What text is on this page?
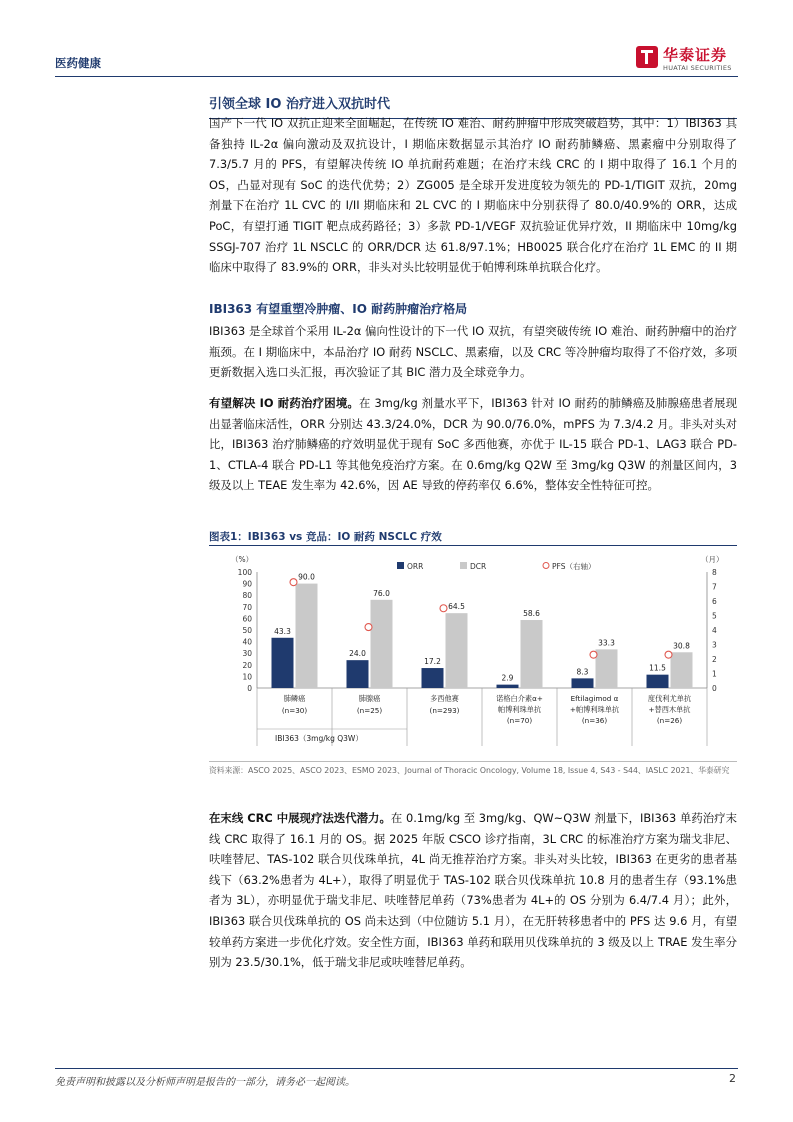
医药健康	华泰证券
HUATAI SECURITIES
引领全球 IO 治疗进入双抗时代

国产下一代 IO 双抗正迎来全面崛起，在传统 IO 难治、耐药肿瘤中形成突破趋势，其中：1）IBI363 具备独持 IL-2α 偏向激动及双抗设计，I 期临床数据显示其治疗 IO 耐药肺鳞癌、黑素瘤中分别取得了 7.3/5.7 月的 PFS，有望解决传统 IO 单抗耐药难题；在治疗末线 CRC 的 I 期中取得了 16.1 个月的 OS，凸显对现有 SoC 的迭代优势；2）ZG005 是全球开发进度较为领先的 PD-1/TIGIT 双抗，20mg 剂量下在治疗 1L CVC 的 I/II 期临床和 2L CVC 的 I 期临床中分别获得了 80.0/40.9%的 ORR，达成 PoC，有望打通 TIGIT 靶点成药路径；3）多款 PD-1/VEGF 双抗验证优异疗效，II 期临床中 10mg/kg SSGJ-707 治疗 1L NSCLC 的 ORR/DCR 达 61.8/97.1%；HB0025 联合化疗在治疗 1L EMC 的 II 期临床中取得了 83.9%的 ORR，非头对头比较明显优于帕博利珠单抗联合化疗。

IBI363 有望重塑冷肿瘤、IO 耐药肿瘤治疗格局

IBI363 是全球首个采用 IL-2α 偏向性设计的下一代 IO 双抗，有望突破传统 IO 难治、耐药肿瘤中的治疗瓶颈。在 I 期临床中，本品治疗 IO 耐药 NSCLC、黑素瘤，以及 CRC 等冷肿瘤均取得了不俗疗效，多项更新数据入选口头汇报，再次验证了其 BIC 潜力及全球竞争力。

有望解决 IO 耐药治疗困境。在 3mg/kg 剂量水平下，IBI363 针对 IO 耐药的肺鳞癌及肺腺癌患者展现出显著临床活性，ORR 分别达 43.3/24.0%，DCR 为 90.0/76.0%，mPFS 为 7.3/4.2 月。非头对头对比，IBI363 治疗肺鳞癌的疗效明显优于现有 SoC 多西他赛，亦优于 IL-15 联合 PD-1、LAG3 联合 PD-1、CTLA-4 联合 PD-L1 等其他免疫治疗方案。在 0.6mg/kg Q2W 至 3mg/kg Q3W 的剂量区间内，3 级及以上 TEAE 发生率为 42.6%，因 AE 导致的停药率仅 6.6%，整体安全性特征可控。

图表1：IBI363 vs 竞品：IO 耐药 NSCLC 疗效
（%）	（月）
0
10
20
30
40
50
60
70
80
90
100
0
1
2
3
4
5
6
7
8
ORR	DCR	PFS（右轴）
43.3
90.0
肺鳞癌
(n=30)
24.0
76.0
肺腺癌
(n=25)
17.2
64.5
多西他赛
(n=293)
2.9
58.6
诺格白介素α+
帕博利珠单抗
(n=70)
8.3
33.3
Eftilagimod α
+帕博利珠单抗
(n=36)
11.5
30.8
度伐利尤单抗
+替西木单抗
(n=26)
IBI363（3mg/kg Q3W）
资料来源：ASCO 2025、ASCO 2023、ESMO 2023、Journal of Thoracic Oncology, Volume 18, Issue 4, S43 - S44、IASLC 2021、华泰研究

在末线 CRC 中展现疗法迭代潜力。在 0.1mg/kg 至 3mg/kg、QW~Q3W 剂量下，IBI363 单药治疗末线 CRC 取得了 16.1 月的 OS。据 2025 年版 CSCO 诊疗指南，3L CRC 的标准治疗方案为瑞戈非尼、呋喹替尼、TAS-102 联合贝伐珠单抗，4L 尚无推荐治疗方案。非头对头比较，IBI363 在更劣的患者基线下（63.2%患者为 4L+），取得了明显优于 TAS-102 联合贝伐珠单抗 10.8 月的患者生存（93.1%患者为 3L），亦明显优于瑞戈非尼、呋喹替尼单药（73%患者为 4L+的 OS 分别为 6.4/7.4 月）；此外，IBI363 联合贝伐珠单抗的 OS 尚未达到（中位随访 5.1 月），在无肝转移患者中的 PFS 达 9.6 月，有望较单药方案进一步优化疗效。安全性方面，IBI363 单药和联用贝伐珠单抗的 3 级及以上 TRAE 发生率分别为 23.5/30.1%，低于瑞戈非尼或呋喹替尼单药。

免责声明和披露以及分析师声明是报告的一部分，请务必一起阅读。	2
